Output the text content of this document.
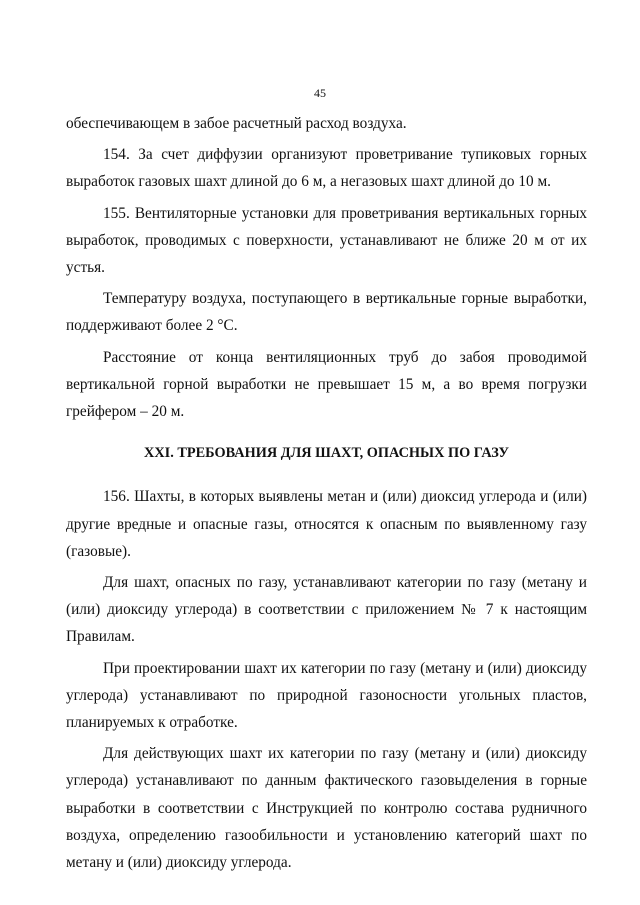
45

обеспечивающем в забое расчетный расход воздуха.

154. За счет диффузии организуют проветривание тупиковых горных выработок газовых шахт длиной до 6 м, а негазовых шахт длиной до 10 м.

155. Вентиляторные установки для проветривания вертикальных горных выработок, проводимых с поверхности, устанавливают не ближе 20 м от их устья.

Температуру воздуха, поступающего в вертикальные горные выработки, поддерживают более 2 °С.

Расстояние от конца вентиляционных труб до забоя проводимой вертикальной горной выработки не превышает 15 м, а во время погрузки грейфером – 20 м.

XXI. ТРЕБОВАНИЯ ДЛЯ ШАХТ, ОПАСНЫХ ПО ГАЗУ

156. Шахты, в которых выявлены метан и (или) диоксид углерода и (или) другие вредные и опасные газы, относятся к опасным по выявленному газу (газовые).

Для шахт, опасных по газу, устанавливают категории по газу (метану и (или) диоксиду углерода) в соответствии с приложением № 7 к настоящим Правилам.

При проектировании шахт их категории по газу (метану и (или) диоксиду углерода) устанавливают по природной газоносности угольных пластов, планируемых к отработке.

Для действующих шахт их категории по газу (метану и (или) диоксиду углерода) устанавливают по данным фактического газовыделения в горные выработки в соответствии с Инструкцией по контролю состава рудничного воздуха, определению газообильности и установлению категорий шахт по метану и (или) диоксиду углерода.
